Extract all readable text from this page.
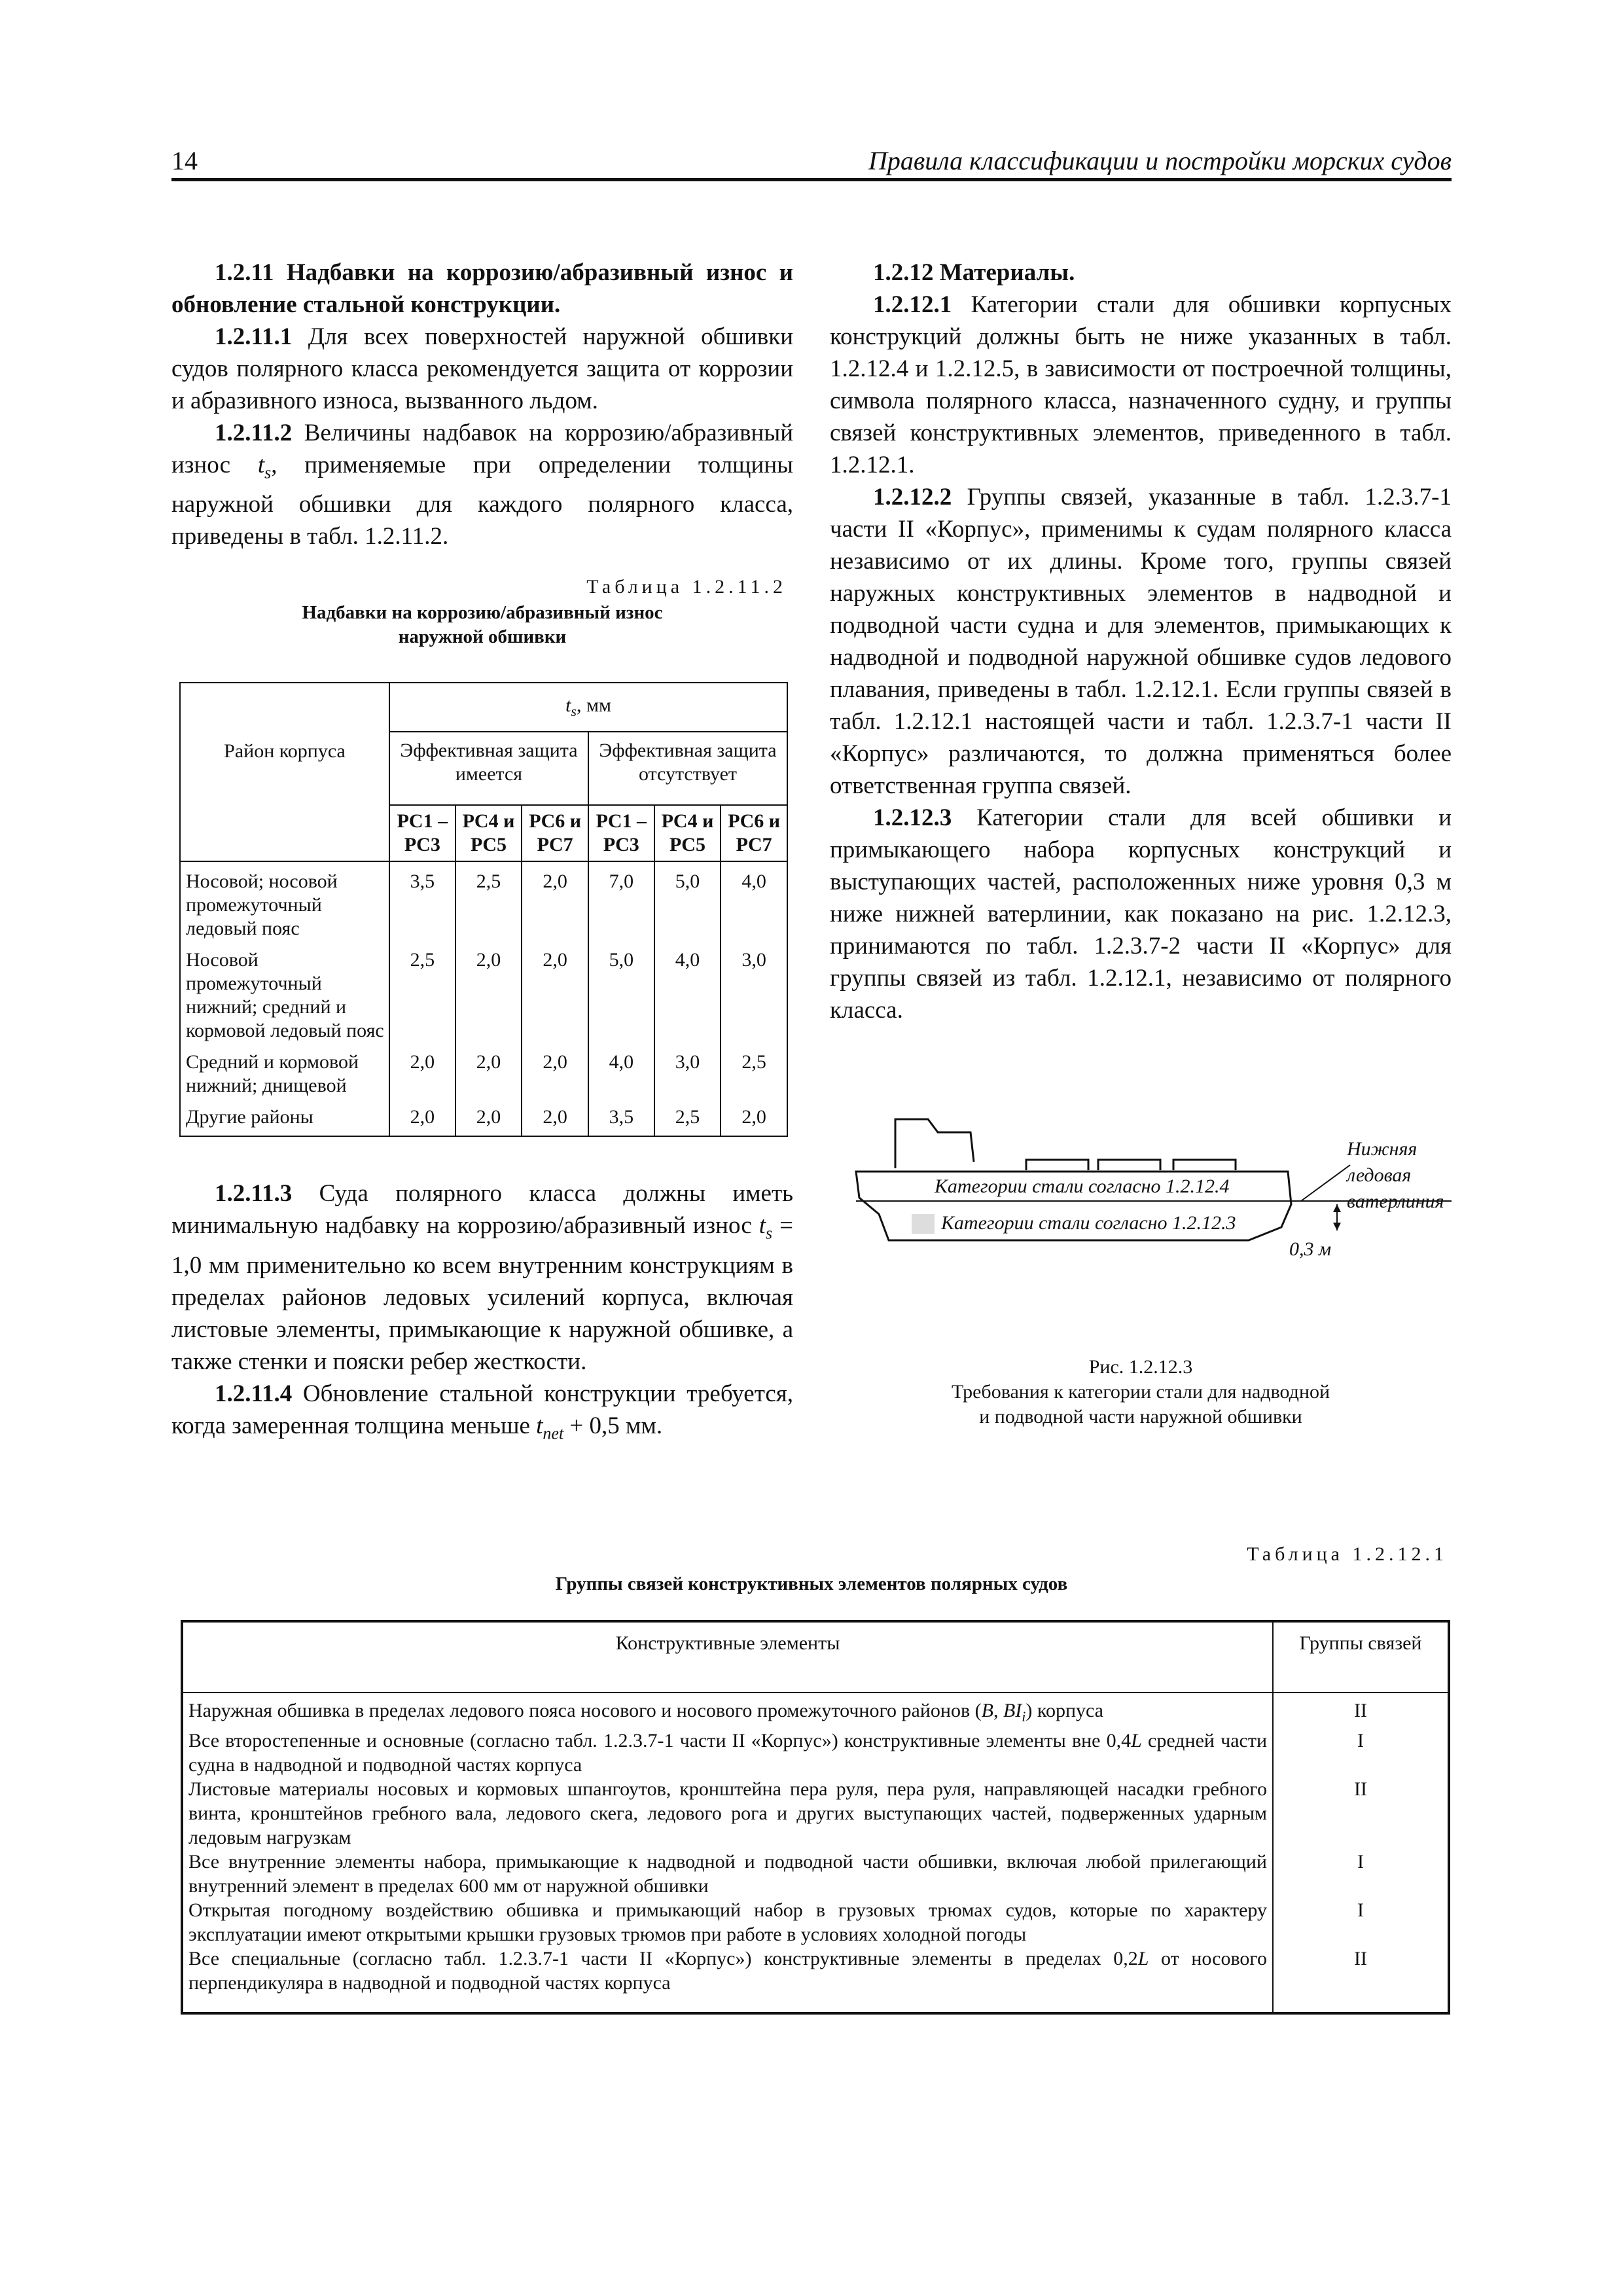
14	Правила классификации и постройки морских судов

1.2.11 Надбавки на коррозию/абразивный износ и обновление стальной конструкции.

1.2.11.1 Для всех поверхностей наружной обшивки судов полярного класса рекомендуется защита от коррозии и абразивного износа, вызванного льдом.

1.2.11.2 Величины надбавок на коррозию/абразивный износ $t_s$, применяемые при определении толщины наружной обшивки для каждого полярного класса, приведены в табл. 1.2.11.2.

Таблица 1.2.11.2
Надбавки на коррозию/абразивный износ
наружной обшивки
Район корпуса	$t_s$, мм					
	Эффективная защита имеется			Эффективная защита отсутствует		
	PC1 – PC3	PC4 и PC5	PC6 и PC7	PC1 – PC3	PC4 и PC5	PC6 и PC7
Носовой; носовой промежуточный ледовый пояс	3,5	2,5	2,0	7,0	5,0	4,0
Носовой промежуточный нижний; средний и кормовой ледовый пояс	2,5	2,0	2,0	5,0	4,0	3,0
Средний и кормовой нижний; днищевой	2,0	2,0	2,0	4,0	3,0	2,5
Другие районы	2,0	2,0	2,0	3,5	2,5	2,0

1.2.11.3 Суда полярного класса должны иметь минимальную надбавку на коррозию/абразивный износ $t_s = 1,0$ мм применительно ко всем внутренним конструкциям в пределах районов ледовых усилений корпуса, включая листовые элементы, примыкающие к наружной обшивке, а также стенки и пояски ребер жесткости.

1.2.11.4 Обновление стальной конструкции требуется, когда замеренная толщина меньше $t_{net} + 0,5$ мм.

1.2.12 Материалы.

1.2.12.1 Категории стали для обшивки корпусных конструкций должны быть не ниже указанных в табл. 1.2.12.4 и 1.2.12.5, в зависимости от построечной толщины, символа полярного класса, назначенного судну, и группы связей конструктивных элементов, приведенного в табл. 1.2.12.1.

1.2.12.2 Группы связей, указанные в табл. 1.2.3.7-1 части II «Корпус», применимы к судам полярного класса независимо от их длины. Кроме того, группы связей наружных конструктивных элементов в надводной и подводной части судна и для элементов, примыкающих к надводной и подводной наружной обшивке судов ледового плавания, приведены в табл. 1.2.12.1. Если группы связей в табл. 1.2.12.1 настоящей части и табл. 1.2.3.7-1 части II «Корпус» различаются, то должна применяться более ответственная группа связей.

1.2.12.3 Категории стали для всей обшивки и примыкающего набора корпусных конструкций и выступающих частей, расположенных ниже уровня 0,3 м ниже нижней ватерлинии, как показано на рис. 1.2.12.3, принимаются по табл. 1.2.3.7-2 части II «Корпус» для группы связей из табл. 1.2.12.1, независимо от полярного класса.

Категории стали согласно 1.2.12.4
Категории стали согласно 1.2.12.3
Нижняя
ледовая
ватерлиния
0,3 м
Рис. 1.2.12.3
Требования к категории стали для надводной
и подводной части наружной обшивки
Таблица 1.2.12.1
Группы связей конструктивных элементов полярных судов
Конструктивные элементы	Группы связей
Наружная обшивка в пределах ледового пояса носового и носового промежуточного районов (B, $BI_i$) корпуса	II
Все второстепенные и основные (согласно табл. 1.2.3.7-1 части II «Корпус») конструктивные элементы вне 0,4L средней части судна в надводной и подводной частях корпуса	I
Листовые материалы носовых и кормовых шпангоутов, кронштейна пера руля, пера руля, направляющей насадки гребного винта, кронштейнов гребного вала, ледового скега, ледового рога и других выступающих частей, подверженных ударным ледовым нагрузкам	II
Все внутренние элементы набора, примыкающие к надводной и подводной части обшивки, включая любой прилегающий внутренний элемент в пределах 600 мм от наружной обшивки	I
Открытая погодному воздействию обшивка и примыкающий набор в грузовых трюмах судов, которые по характеру эксплуатации имеют открытыми крышки грузовых трюмов при работе в условиях холодной погоды	I
Все специальные (согласно табл. 1.2.3.7-1 части II «Корпус») конструктивные элементы в пределах 0,2L от носового перпендикуляра в надводной и подводной частях корпуса	II
